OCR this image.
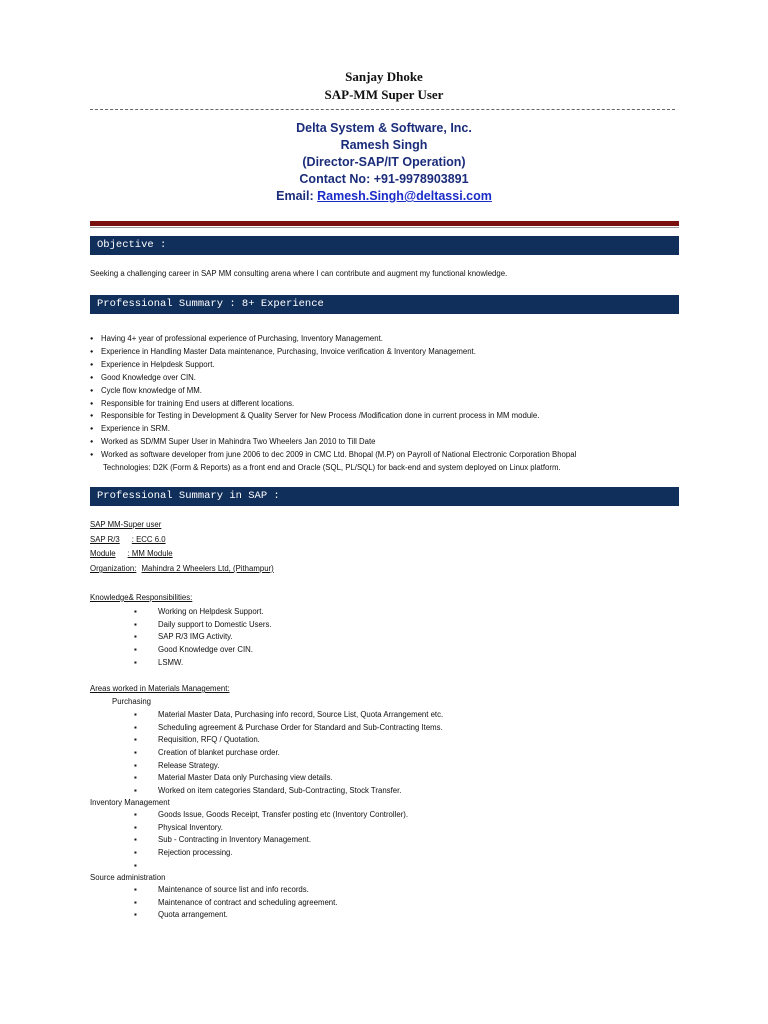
Sanjay Dhoke
SAP-MM Super User
Delta System & Software, Inc.
Ramesh Singh
(Director-SAP/IT Operation)
Contact No: +91-9978903891
Email: Ramesh.Singh@deltassi.com
Objective :
Seeking a challenging career in SAP MM consulting arena where I can contribute and augment my functional knowledge.
Professional Summary : 8+ Experience
● Having 4+ year of professional experience of Purchasing, Inventory Management.
● Experience in Handling Master Data maintenance, Purchasing, Invoice verification & Inventory Management.
● Experience in Helpdesk Support.
● Good Knowledge over CIN.
● Cycle flow knowledge of MM.
● Responsible for training End users at different locations.
● Responsible for Testing in Development & Quality Server for New Process /Modification done in current process in MM module.
● Experience in SRM.
● Worked as SD/MM Super User in Mahindra Two Wheelers Jan 2010 to Till Date
● Worked as software developer from june 2006 to dec 2009 in CMC Ltd. Bhopal (M.P) on Payroll of National Electronic Corporation Bhopal
Technologies: D2K (Form & Reports) as a front end and Oracle (SQL, PL/SQL) for back-end and system deployed on Linux platform.
Professional Summary in SAP :
SAP MM-Super user
SAP R/3 : ECC 6.0
Module : MM Module
Organization: Mahindra 2 Wheelers Ltd, (Pithampur)
Knowledge& Responsibilities:
▪ Working on Helpdesk Support.
▪ Daily support to Domestic Users.
▪ SAP R/3 IMG Activity.
▪ Good Knowledge over CIN.
▪ LSMW.
Areas worked in Materials Management:
Purchasing
▪ Material Master Data, Purchasing info record, Source List, Quota Arrangement etc.
▪ Scheduling agreement & Purchase Order for Standard and Sub-Contracting Items.
▪ Requisition, RFQ / Quotation.
▪ Creation of blanket purchase order.
▪ Release Strategy.
▪ Material Master Data only Purchasing view details.
▪ Worked on item categories Standard, Sub-Contracting, Stock Transfer.
Inventory Management
▪ Goods Issue, Goods Receipt, Transfer posting etc (Inventory Controller).
▪ Physical Inventory.
▪ Sub - Contracting in Inventory Management.
▪ Rejection processing.
▪
Source administration
▪ Maintenance of source list and info records.
▪ Maintenance of contract and scheduling agreement.
▪ Quota arrangement.
